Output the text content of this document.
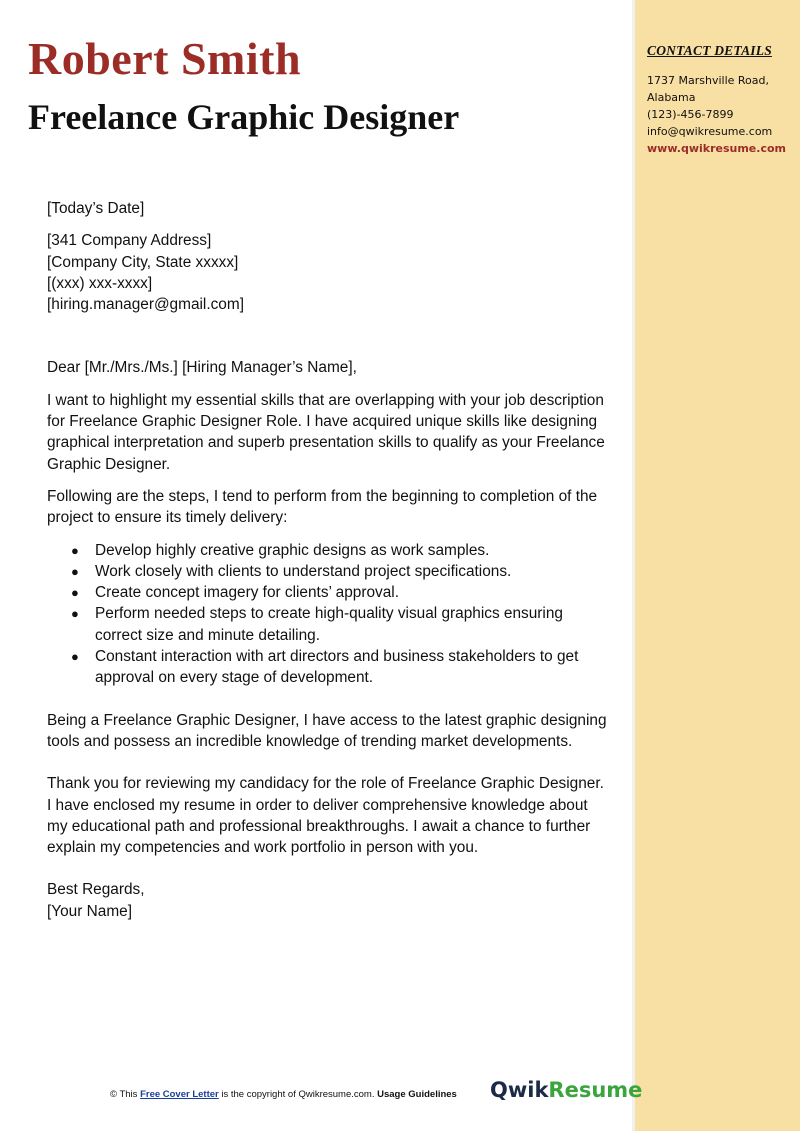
CONTACT DETAILS
1737 Marshville Road,
Alabama
(123)-456-7899
info@qwikresume.com
www.qwikresume.com
Robert Smith
Freelance Graphic Designer

[Today’s Date]

[341 Company Address]

[Company City, State xxxxx]

[(xxx) xxx-xxxx]

[hiring.manager@gmail.com]

Dear [Mr./Mrs./Ms.] [Hiring Manager’s Name],

I want to highlight my essential skills that are overlapping with your job description for Freelance Graphic Designer Role. I have acquired unique skills like designing graphical interpretation and superb presentation skills to qualify as your Freelance Graphic Designer.

Following are the steps, I tend to perform from the beginning to completion of the project to ensure its timely delivery:

● Develop highly creative graphic designs as work samples.
● Work closely with clients to understand project specifications.
● Create concept imagery for clients’ approval.
● Perform needed steps to create high-quality visual graphics ensuring correct size and minute detailing.
● Constant interaction with art directors and business stakeholders to get approval on every stage of development.

Being a Freelance Graphic Designer, I have access to the latest graphic designing tools and possess an incredible knowledge of trending market developments.

Thank you for reviewing my candidacy for the role of Freelance Graphic Designer. I have enclosed my resume in order to deliver comprehensive knowledge about my educational path and professional breakthroughs. I await a chance to further explain my competencies and work portfolio in person with you.

Best Regards,

[Your Name]

© This Free Cover Letter is the copyright of Qwikresume.com. Usage Guidelines QwikResume
